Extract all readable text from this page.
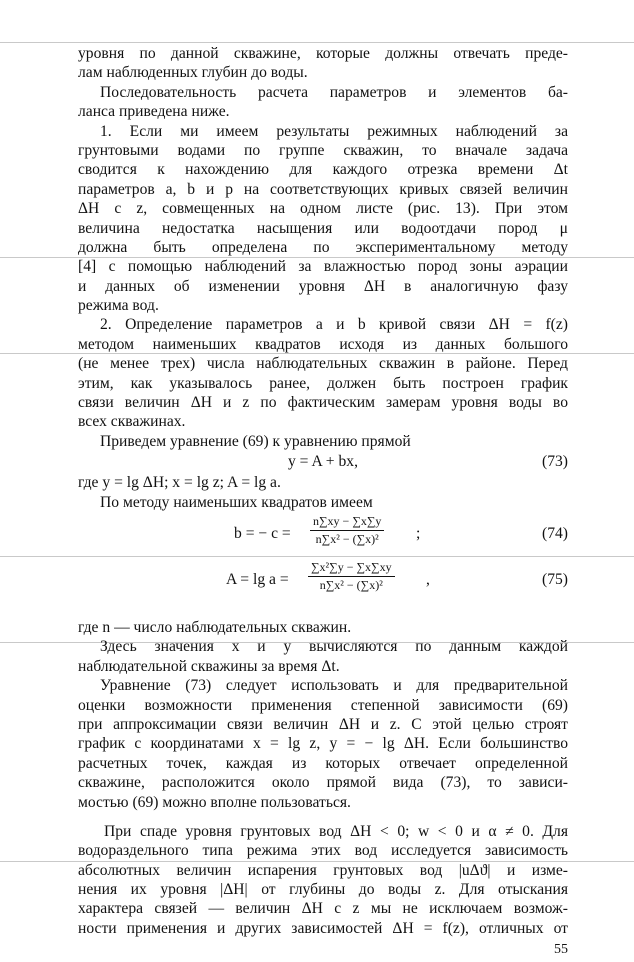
уровня по данной скважине, которые должны отвечать преде-
лам наблюденных глубин до воды.
Последовательность расчета параметров и элементов ба-
ланса приведена ниже.
1. Если ми имеем результаты режимных наблюдений за
грунтовыми водами по группе скважин, то вначале задача
сводится к нахождению для каждого отрезка времени Δt
параметров a, b и p на соответствующих кривых связей величин
ΔH с z, совмещенных на одном листе (рис. 13). При этом
величина недостатка насыщения или водоотдачи пород μ
должна быть определена по экспериментальному методу
[4] с помощью наблюдений за влажностью пород зоны аэрации
и данных об изменении уровня ΔH в аналогичную фазу
режима вод.
2. Определение параметров a и b кривой связи ΔH = f(z)
методом наименьших квадратов исходя из данных большого
(не менее трех) числа наблюдательных скважин в районе. Перед
этим, как указывалось ранее, должен быть построен график
связи величин ΔH и z по фактическим замерам уровня воды во
всех скважинах.
Приведем уравнение (69) к уравнению прямой
y = A + bx,	(73)
где y = lg ΔH; x = lg z; A = lg a.
По методу наименьших квадратов имеем
b = − $c = \frac{n\sum xy - \sum x\sum y}{\text{n∑x² − (∑x)²}}$ ;	(74)
$A = \lg a = \frac{\text{∑x²∑y − ∑x∑xy}}{\text{n∑x² − (∑x)²}}$ ,	(75)
где n — число наблюдательных скважин.
Здесь значения x и y вычисляются по данным каждой
наблюдательной скважины за время Δt.
Уравнение (73) следует использовать и для предварительной
оценки возможности применения степенной зависимости (69)
при аппроксимации связи величин ΔH и z. С этой целью строят
график с координатами x = lg z, y = − lg ΔH. Если большинство
расчетных точек, каждая из которых отвечает определенной
скважине, расположится около прямой вида (73), то зависи-
мостью (69) можно вполне пользоваться.
При спаде уровня грунтовых вод ΔH < 0; w < 0 и α ≠ 0. Для
водораздельного типа режима этих вод исследуется зависимость
абсолютных величин испарения грунтовых вод |uΔϑ| и изме-
нения их уровня |ΔH| от глубины до воды z. Для отыскания
характера связей — величин ΔH с z мы не исключаем возмож-
ности применения и других зависимостей ΔH = f(z), отличных от
55
